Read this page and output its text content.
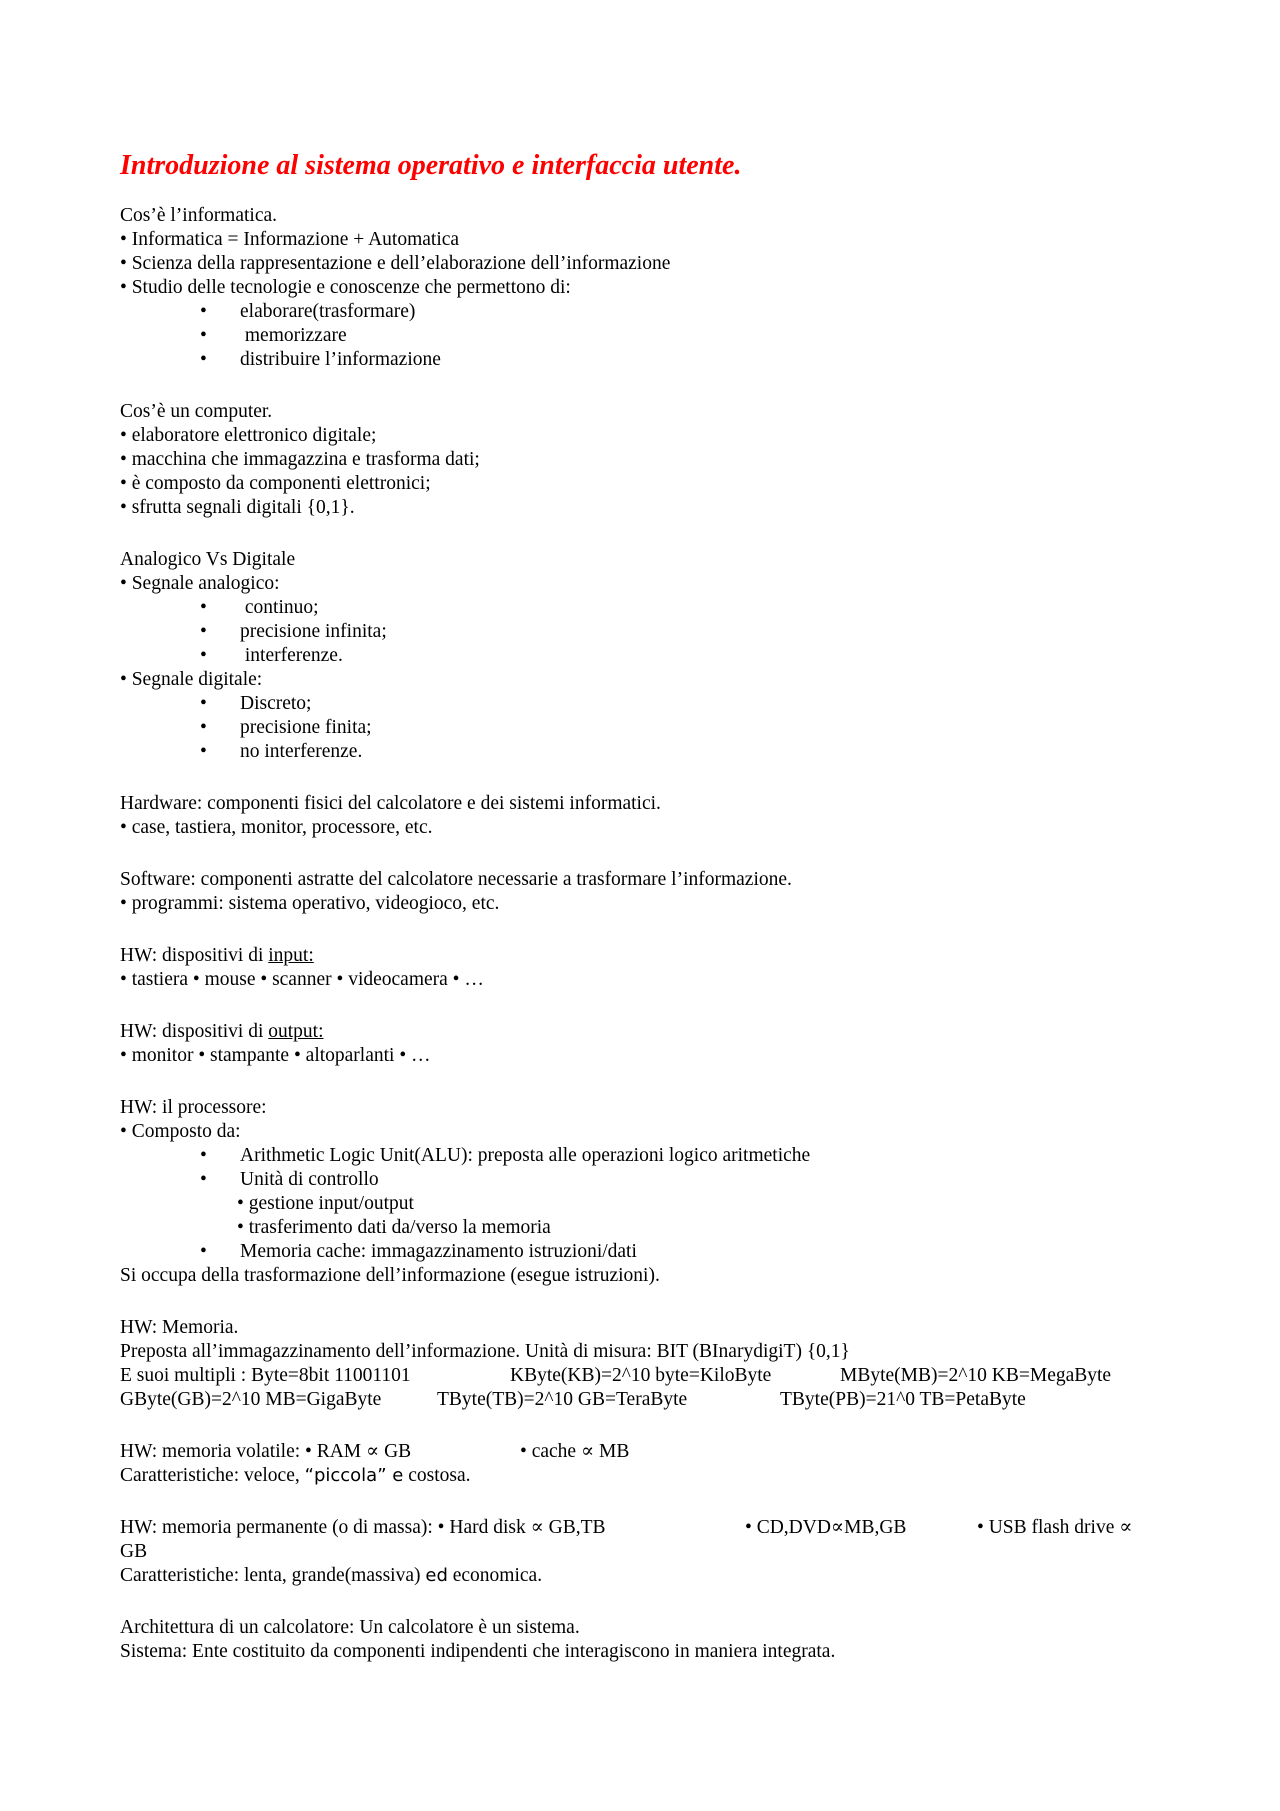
Introduzione al sistema operativo e interfaccia utente.
Cos’è l’informatica.
• Informatica = Informazione + Automatica
• Scienza della rappresentazione e dell’elaborazione dell’informazione
• Studio delle tecnologie e conoscenze che permettono di:
• elaborare(trasformare)
• memorizzare
• distribuire l’informazione
Cos’è un computer.
• elaboratore elettronico digitale;
• macchina che immagazzina e trasforma dati;
• è composto da componenti elettronici;
• sfrutta segnali digitali {0,1}.
Analogico Vs Digitale
• Segnale analogico:
• continuo;
• precisione infinita;
• interferenze.
• Segnale digitale:
• Discreto;
• precisione finita;
• no interferenze.
Hardware: componenti fisici del calcolatore e dei sistemi informatici.
• case, tastiera, monitor, processore, etc.
Software: componenti astratte del calcolatore necessarie a trasformare l’informazione.
• programmi: sistema operativo, videogioco, etc.
HW: dispositivi di input:
• tastiera • mouse • scanner • videocamera • …
HW: dispositivi di output:
• monitor • stampante • altoparlanti • …
HW: il processore:
• Composto da:
• Arithmetic Logic Unit(ALU): preposta alle operazioni logico aritmetiche
• Unità di controllo
• gestione input/output
• trasferimento dati da/verso la memoria
• Memoria cache: immagazzinamento istruzioni/dati
Si occupa della trasformazione dell’informazione (esegue istruzioni).
HW: Memoria.
Preposta all’immagazzinamento dell’informazione. Unità di misura: BIT (BInarydigiT) {0,1}
E suoi multipli : Byte=8bit 11001101	KByte(KB)=2^10 byte=KiloByte	MByte(MB)=2^10 KB=MegaByte
GByte(GB)=2^10 MB=GigaByte	TByte(TB)=2^10 GB=TeraByte	TByte(PB)=21^0 TB=PetaByte
HW: memoria volatile: • RAM ∝ GB	• cache ∝ MB
Caratteristiche: veloce, “piccola” e costosa.
HW: memoria permanente (o di massa): • Hard disk ∝ GB,TB	• CD,DVD∝MB,GB	• USB flash drive ∝
GB
Caratteristiche: lenta, grande(massiva) ed economica.
Architettura di un calcolatore: Un calcolatore è un sistema.
Sistema: Ente costituito da componenti indipendenti che interagiscono in maniera integrata.
